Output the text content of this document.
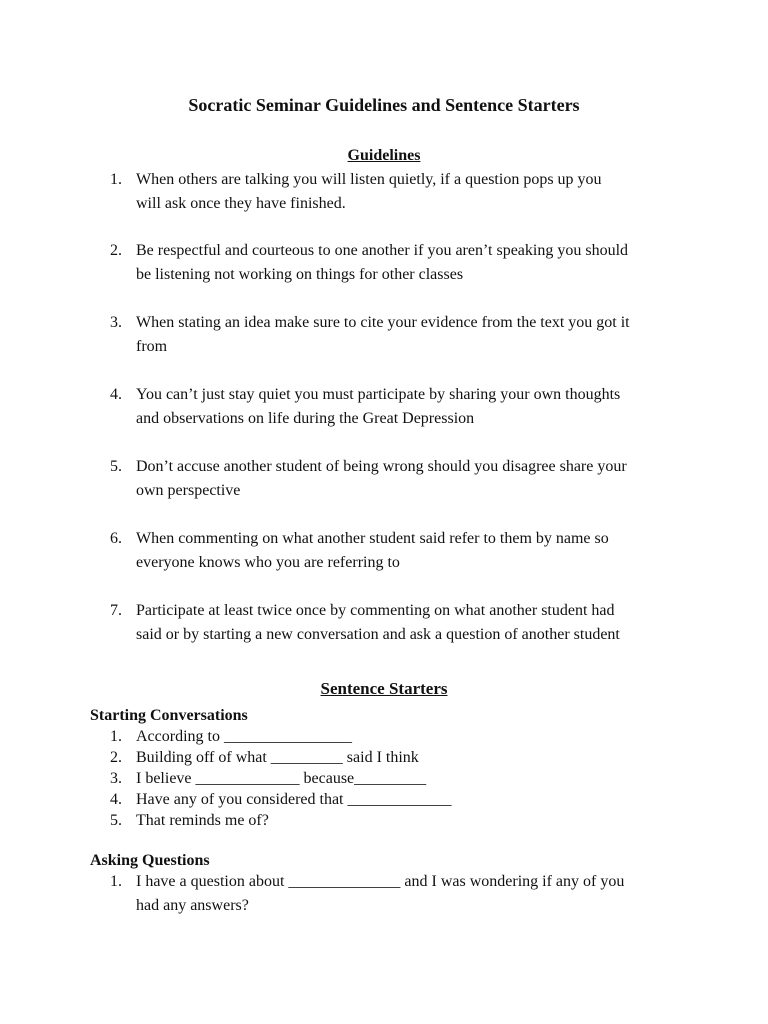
Socratic Seminar Guidelines and Sentence Starters
Guidelines
1. When others are talking you will listen quietly, if a question pops up you
will ask once they have finished.
2. Be respectful and courteous to one another if you aren’t speaking you should
be listening not working on things for other classes
3. When stating an idea make sure to cite your evidence from the text you got it
from
4. You can’t just stay quiet you must participate by sharing your own thoughts
and observations on life during the Great Depression
5. Don’t accuse another student of being wrong should you disagree share your
own perspective
6. When commenting on what another student said refer to them by name so
everyone knows who you are referring to
7. Participate at least twice once by commenting on what another student had
said or by starting a new conversation and ask a question of another student
Sentence Starters
Starting Conversations
1. According to ________________
2. Building off of what _________ said I think
3. I believe _____________ because_________
4. Have any of you considered that _____________
5. That reminds me of?
Asking Questions
1. I have a question about ______________ and I was wondering if any of you
had any answers?
